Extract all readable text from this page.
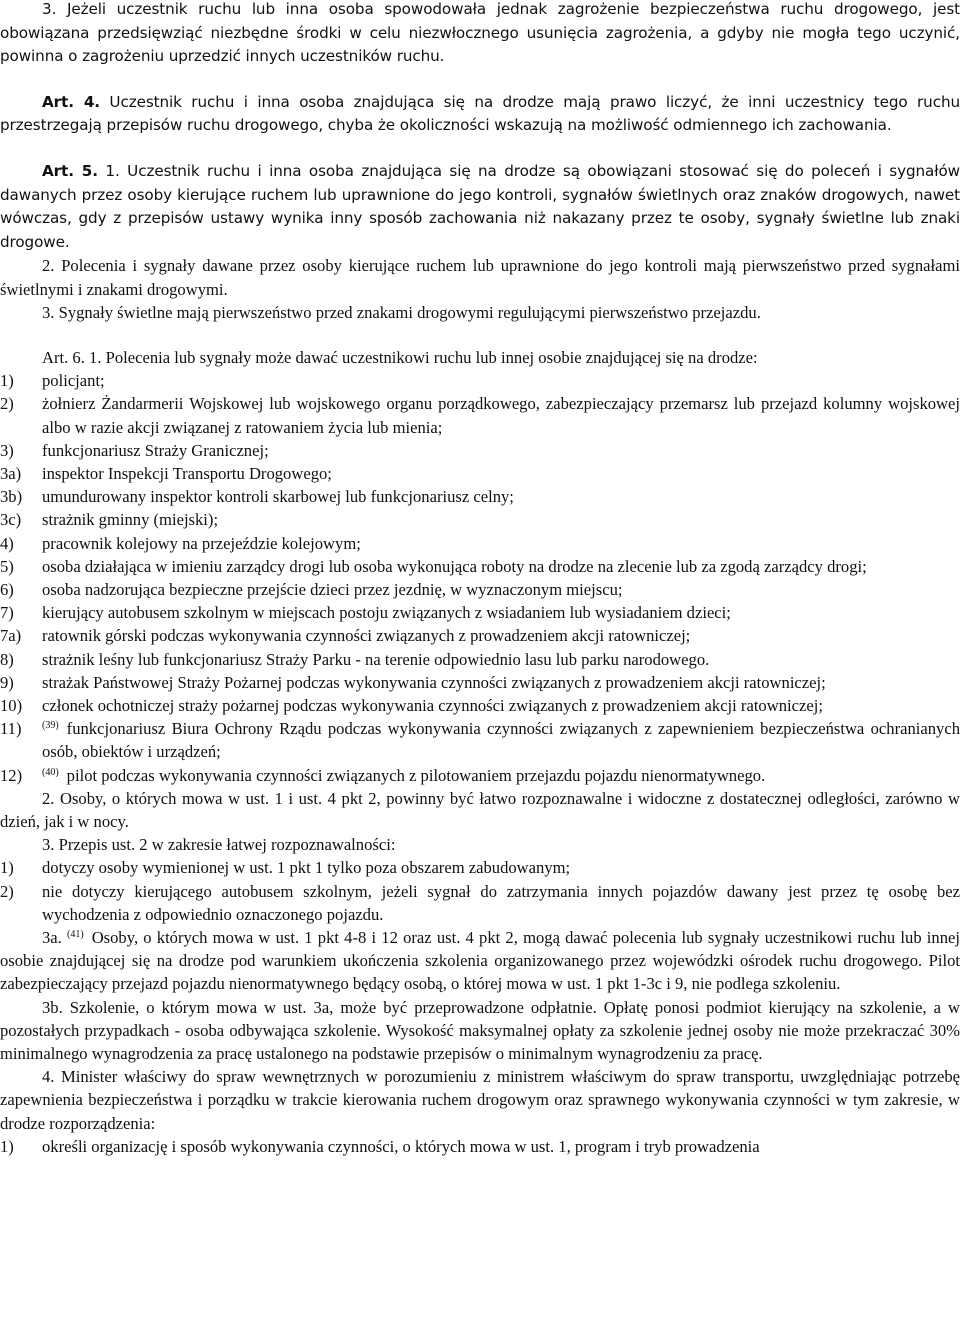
3. Jeżeli uczestnik ruchu lub inna osoba spowodowała jednak zagrożenie bezpieczeństwa ruchu drogowego, jest obowiązana przedsięwziąć niezbędne środki w celu niezwłocznego usunięcia zagrożenia, a gdyby nie mogła tego uczynić, powinna o zagrożeniu uprzedzić innych uczestników ruchu.

Art. 4. Uczestnik ruchu i inna osoba znajdująca się na drodze mają prawo liczyć, że inni uczestnicy tego ruchu przestrzegają przepisów ruchu drogowego, chyba że okoliczności wskazują na możliwość odmiennego ich zachowania.

Art. 5. 1. Uczestnik ruchu i inna osoba znajdująca się na drodze są obowiązani stosować się do poleceń i sygnałów dawanych przez osoby kierujące ruchem lub uprawnione do jego kontroli, sygnałów świetlnych oraz znaków drogowych, nawet wówczas, gdy z przepisów ustawy wynika inny sposób zachowania niż nakazany przez te osoby, sygnały świetlne lub znaki drogowe.

2. Polecenia i sygnały dawane przez osoby kierujące ruchem lub uprawnione do jego kontroli mają pierwszeństwo przed sygnałami świetlnymi i znakami drogowymi.

3. Sygnały świetlne mają pierwszeństwo przed znakami drogowymi regulującymi pierwszeństwo przejazdu.

Art. 6. 1. Polecenia lub sygnały może dawać uczestnikowi ruchu lub innej osobie znajdującej się na drodze:

1)	policjant;
2)	żołnierz Żandarmerii Wojskowej lub wojskowego organu porządkowego, zabezpieczający przemarsz lub przejazd kolumny wojskowej albo w razie akcji związanej z ratowaniem życia lub mienia;
3)	funkcjonariusz Straży Granicznej;
3a)	inspektor Inspekcji Transportu Drogowego;
3b)	umundurowany inspektor kontroli skarbowej lub funkcjonariusz celny;
3c)	strażnik gminny (miejski);
4)	pracownik kolejowy na przejeździe kolejowym;
5)	osoba działająca w imieniu zarządcy drogi lub osoba wykonująca roboty na drodze na zlecenie lub za zgodą zarządcy drogi;
6)	osoba nadzorująca bezpieczne przejście dzieci przez jezdnię, w wyznaczonym miejscu;
7)	kierujący autobusem szkolnym w miejscach postoju związanych z wsiadaniem lub wysiadaniem dzieci;
7a)	ratownik górski podczas wykonywania czynności związanych z prowadzeniem akcji ratowniczej;
8)	strażnik leśny lub funkcjonariusz Straży Parku - na terenie odpowiednio lasu lub parku narodowego.
9)	strażak Państwowej Straży Pożarnej podczas wykonywania czynności związanych z prowadzeniem akcji ratowniczej;
10)	członek ochotniczej straży pożarnej podczas wykonywania czynności związanych z prowadzeniem akcji ratowniczej;
11)	$^{(39)}$ funkcjonariusz Biura Ochrony Rządu podczas wykonywania czynności związanych z zapewnieniem bezpieczeństwa ochranianych osób, obiektów i urządzeń;
12)	$^{(40)}$ pilot podczas wykonywania czynności związanych z pilotowaniem przejazdu pojazdu nienormatywnego.

2. Osoby, o których mowa w ust. 1 i ust. 4 pkt 2, powinny być łatwo rozpoznawalne i widoczne z dostatecznej odległości, zarówno w dzień, jak i w nocy.

3. Przepis ust. 2 w zakresie łatwej rozpoznawalności:

1)	dotyczy osoby wymienionej w ust. 1 pkt 1 tylko poza obszarem zabudowanym;
2)	nie dotyczy kierującego autobusem szkolnym, jeżeli sygnał do zatrzymania innych pojazdów dawany jest przez tę osobę bez wychodzenia z odpowiednio oznaczonego pojazdu.

3a. $^{(41)}$ Osoby, o których mowa w ust. 1 pkt 4-8 i 12 oraz ust. 4 pkt 2, mogą dawać polecenia lub sygnały uczestnikowi ruchu lub innej osobie znajdującej się na drodze pod warunkiem ukończenia szkolenia organizowanego przez wojewódzki ośrodek ruchu drogowego. Pilot zabezpieczający przejazd pojazdu nienormatywnego będący osobą, o której mowa w ust. 1 pkt 1-3c i 9, nie podlega szkoleniu.

3b. Szkolenie, o którym mowa w ust. 3a, może być przeprowadzone odpłatnie. Opłatę ponosi podmiot kierujący na szkolenie, a w pozostałych przypadkach - osoba odbywająca szkolenie. Wysokość maksymalnej opłaty za szkolenie jednej osoby nie może przekraczać 30% minimalnego wynagrodzenia za pracę ustalonego na podstawie przepisów o minimalnym wynagrodzeniu za pracę.

4. Minister właściwy do spraw wewnętrznych w porozumieniu z ministrem właściwym do spraw transportu, uwzględniając potrzebę zapewnienia bezpieczeństwa i porządku w trakcie kierowania ruchem drogowym oraz sprawnego wykonywania czynności w tym zakresie, w drodze rozporządzenia:

1)	określi organizację i sposób wykonywania czynności, o których mowa w ust. 1, program i tryb prowadzenia
